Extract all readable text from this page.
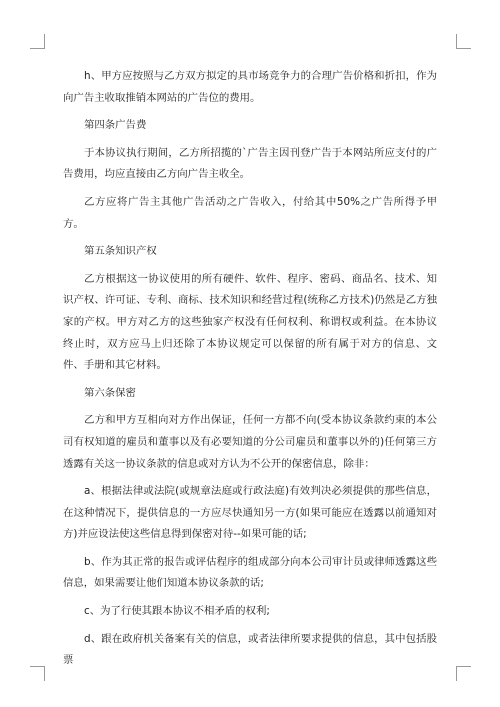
h、甲方应按照与乙方双方拟定的具市场竞争力的合理广告价格和折扣，作为向广告主收取推销本网站的广告位的费用。

第四条广告费

于本协议执行期间，乙方所招揽的`广告主因刊登广告于本网站所应支付的广告费用，均应直接由乙方向广告主收全。

乙方应将广告主其他广告活动之广告收入，付给其中50%之广告所得予甲方。

第五条知识产权

乙方根据这一协议使用的所有硬件、软件、程序、密码、商品名、技术、知识产权、许可证、专利、商标、技术知识和经营过程(统称乙方技术)仍然是乙方独家的产权。甲方对乙方的这些独家产权没有任何权利、称谓权或利益。在本协议终止时，双方应马上归还除了本协议规定可以保留的所有属于对方的信息、文件、手册和其它材料。

第六条保密

乙方和甲方互相向对方作出保证，任何一方都不向(受本协议条款约束的本公司有权知道的雇员和董事以及有必要知道的分公司雇员和董事以外的)任何第三方透露有关这一协议条款的信息或对方认为不公开的保密信息，除非：

a、根据法律或法院(或规章法庭或行政法庭)有效判决必须提供的那些信息，在这种情况下，提供信息的一方应尽快通知另一方(如果可能应在透露以前通知对方)并应设法使这些信息得到保密对待--如果可能的话;

b、作为其正常的报告或评估程序的组成部分向本公司审计员或律师透露这些信息，如果需要让他们知道本协议条款的话;

c、为了行使其跟本协议不相矛盾的权利;

d、跟在政府机关备案有关的信息，或者法律所要求提供的信息，其中包括股票
